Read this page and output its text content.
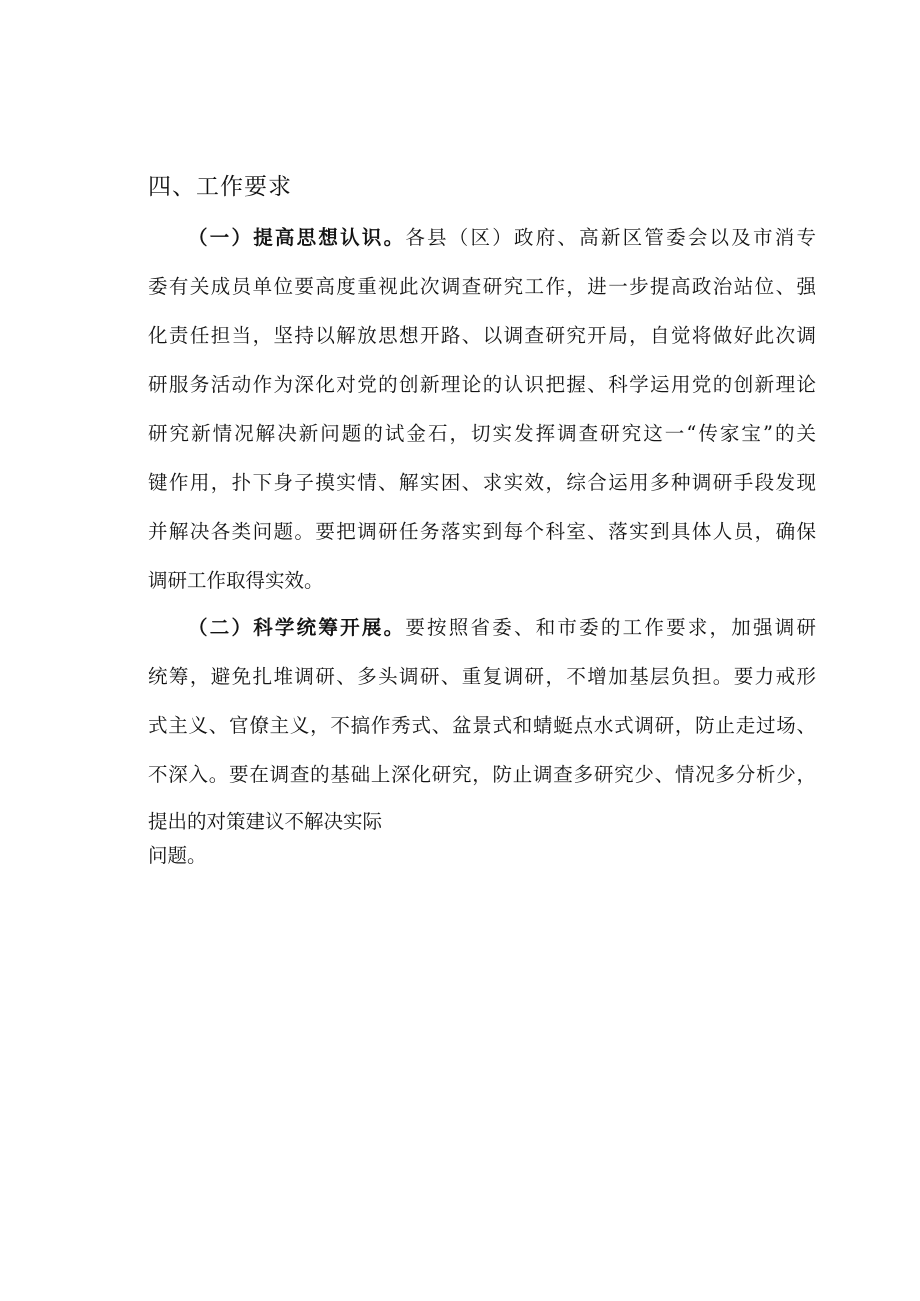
四、工作要求
（一）提高思想认识。各县（区）政府、高新区管委会以及市消专
委有关成员单位要高度重视此次调查研究工作，进一步提高政治站位、强
化责任担当，坚持以解放思想开路、以调查研究开局，自觉将做好此次调
研服务活动作为深化对党的创新理论的认识把握、科学运用党的创新理论
研究新情况解决新问题的试金石，切实发挥调查研究这一“传家宝”的关
键作用，扑下身子摸实情、解实困、求实效，综合运用多种调研手段发现
并解决各类问题。要把调研任务落实到每个科室、落实到具体人员，确保
调研工作取得实效。
（二）科学统筹开展。要按照省委、和市委的工作要求，加强调研
统筹，避免扎堆调研、多头调研、重复调研，不增加基层负担。要力戒形
式主义、官僚主义，不搞作秀式、盆景式和蜻蜓点水式调研，防止走过场、
不深入。要在调查的基础上深化研究，防止调查多研究少、情况多分析少，
提出的对策建议不解决实际
问题。
